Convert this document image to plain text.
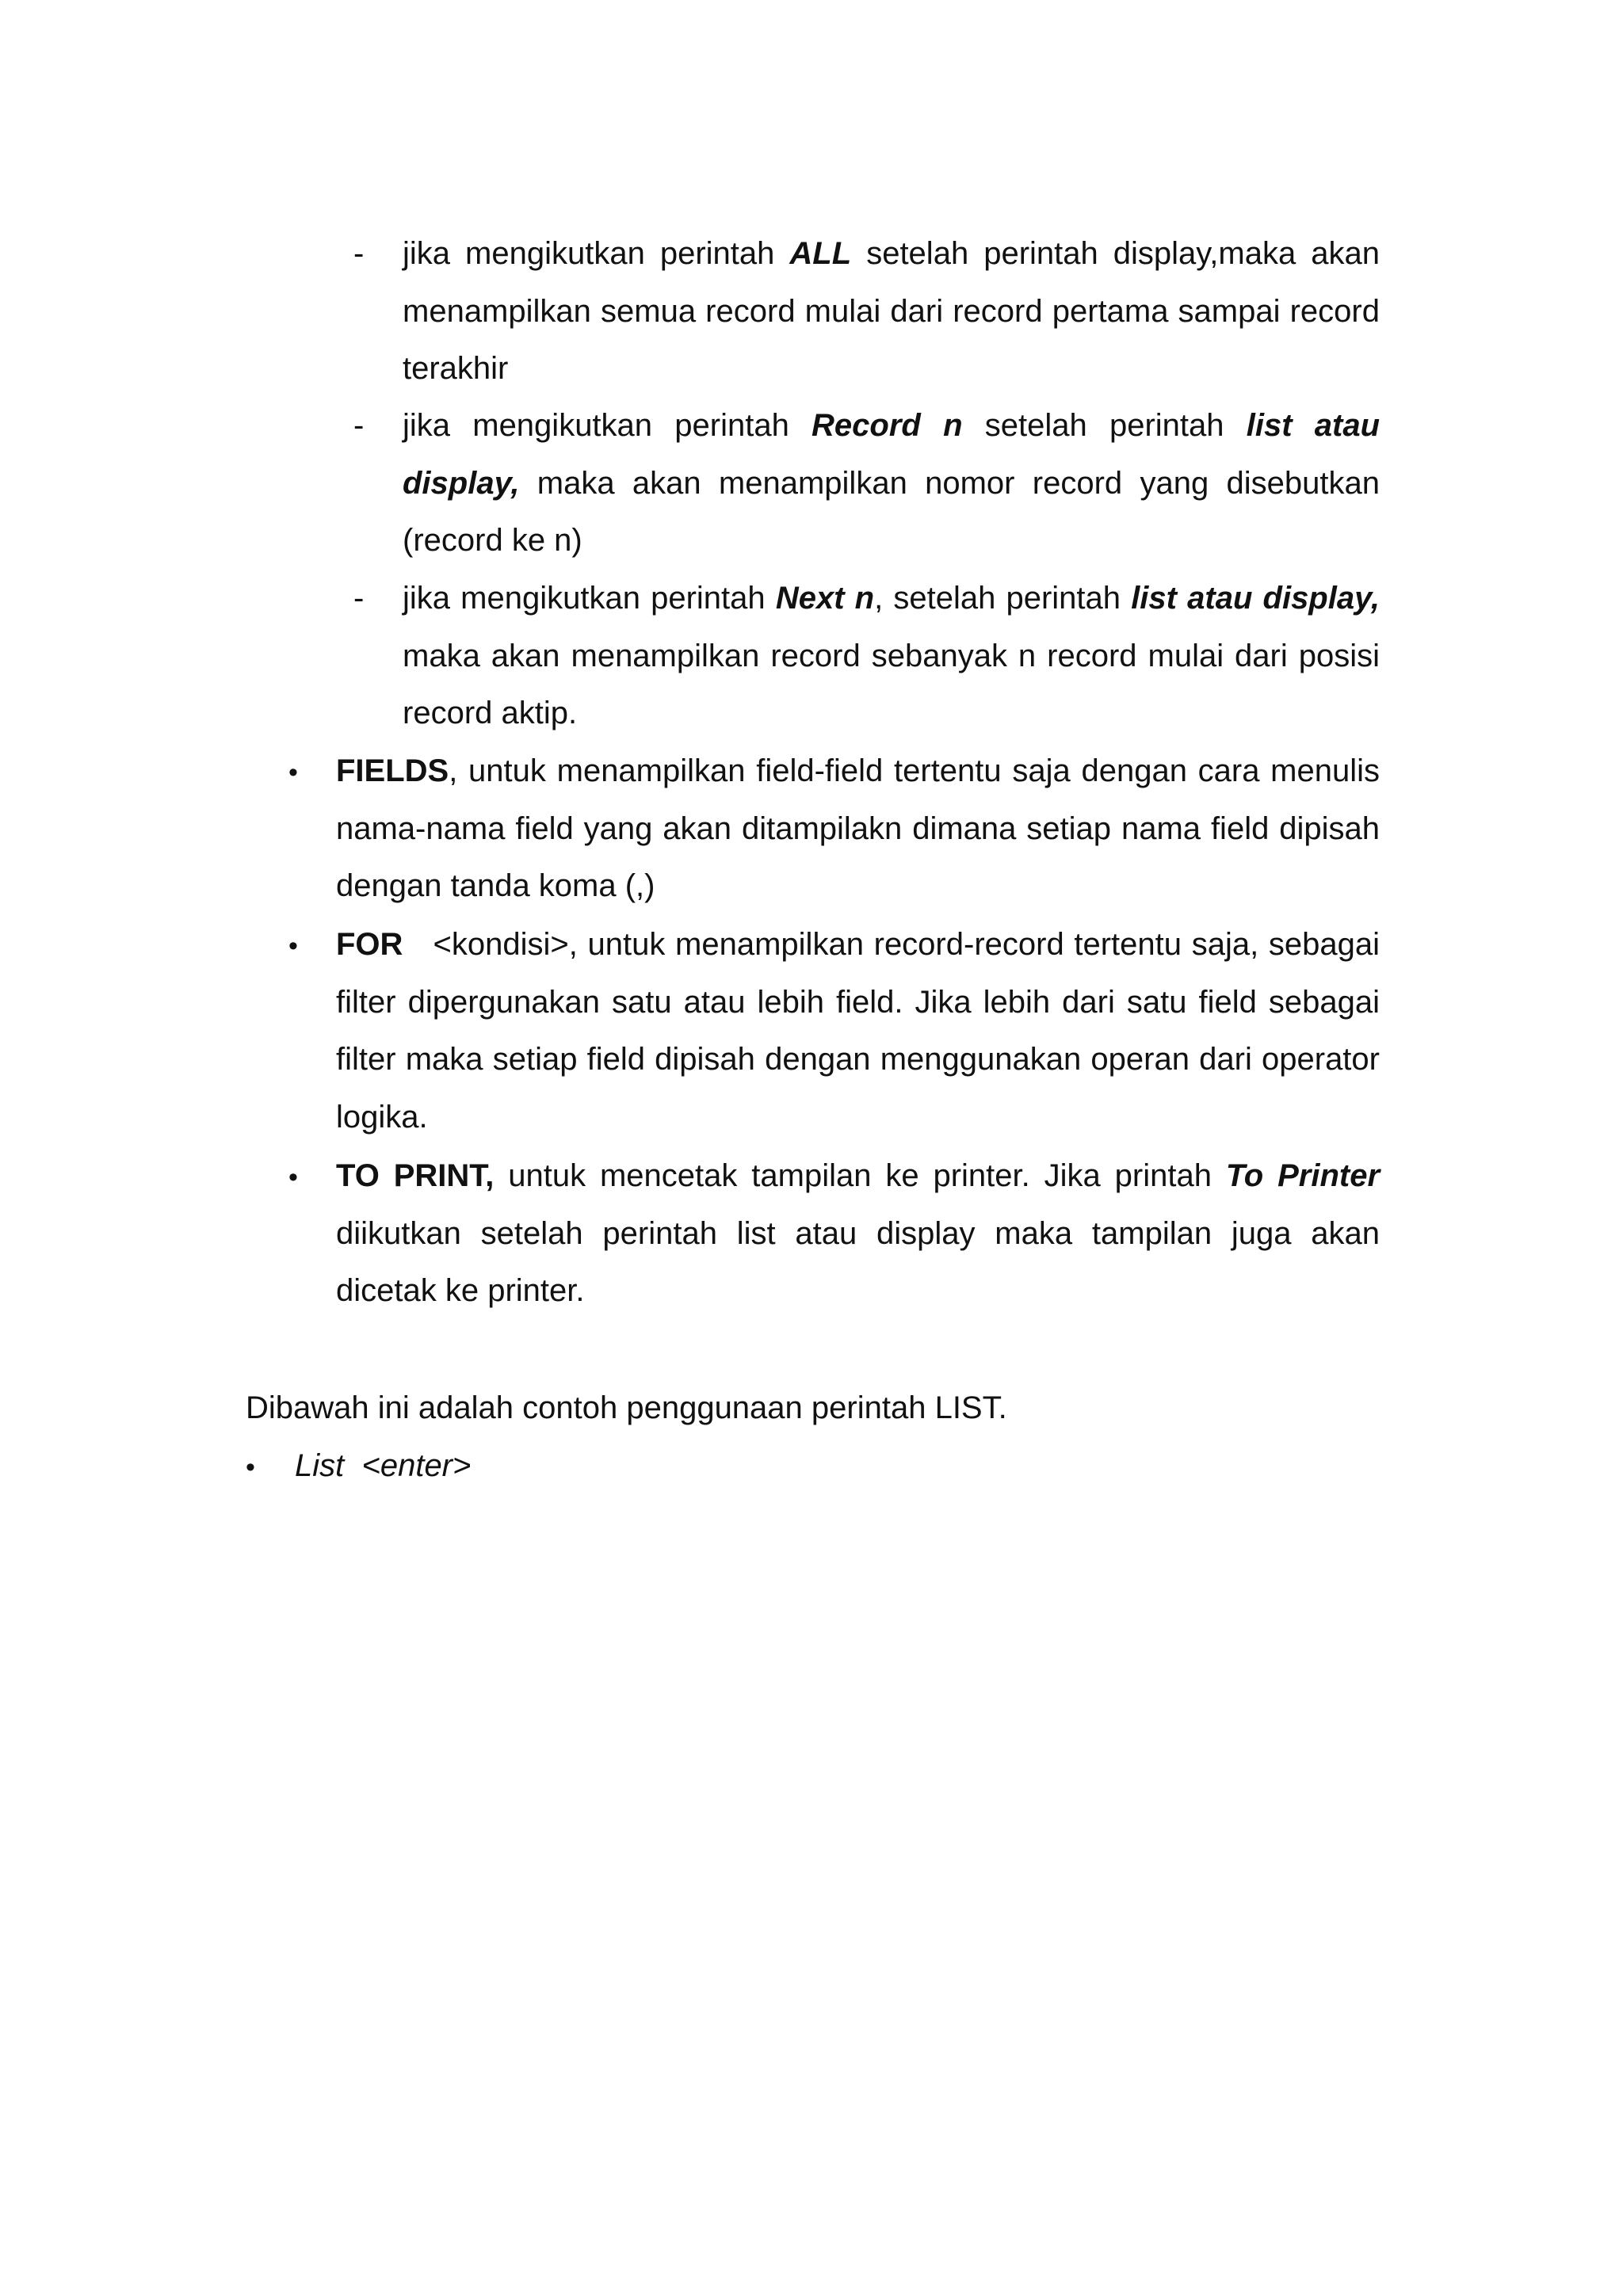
- jika mengikutkan perintah ALL setelah perintah display,maka akan menampilkan semua record mulai dari record pertama sampai record terakhir
- jika mengikutkan perintah Record n setelah perintah list atau display, maka akan menampilkan nomor record yang disebutkan (record ke n)
- jika mengikutkan perintah Next n, setelah perintah list atau display, maka akan menampilkan record sebanyak n record mulai dari posisi record aktip.
• FIELDS, untuk menampilkan field-field tertentu saja dengan cara menulis nama-nama field yang akan ditampilakn dimana setiap nama field dipisah dengan tanda koma (,)
• FOR   <kondisi>, untuk menampilkan record-record tertentu saja, sebagai filter dipergunakan satu atau lebih field. Jika lebih dari satu field sebagai filter maka setiap field dipisah dengan menggunakan operan dari operator logika.
• TO PRINT, untuk mencetak tampilan ke printer. Jika printah To Printer diikutkan setelah perintah list atau display maka tampilan juga akan dicetak ke printer.
Dibawah ini adalah contoh penggunaan perintah LIST.
• List  <enter>
